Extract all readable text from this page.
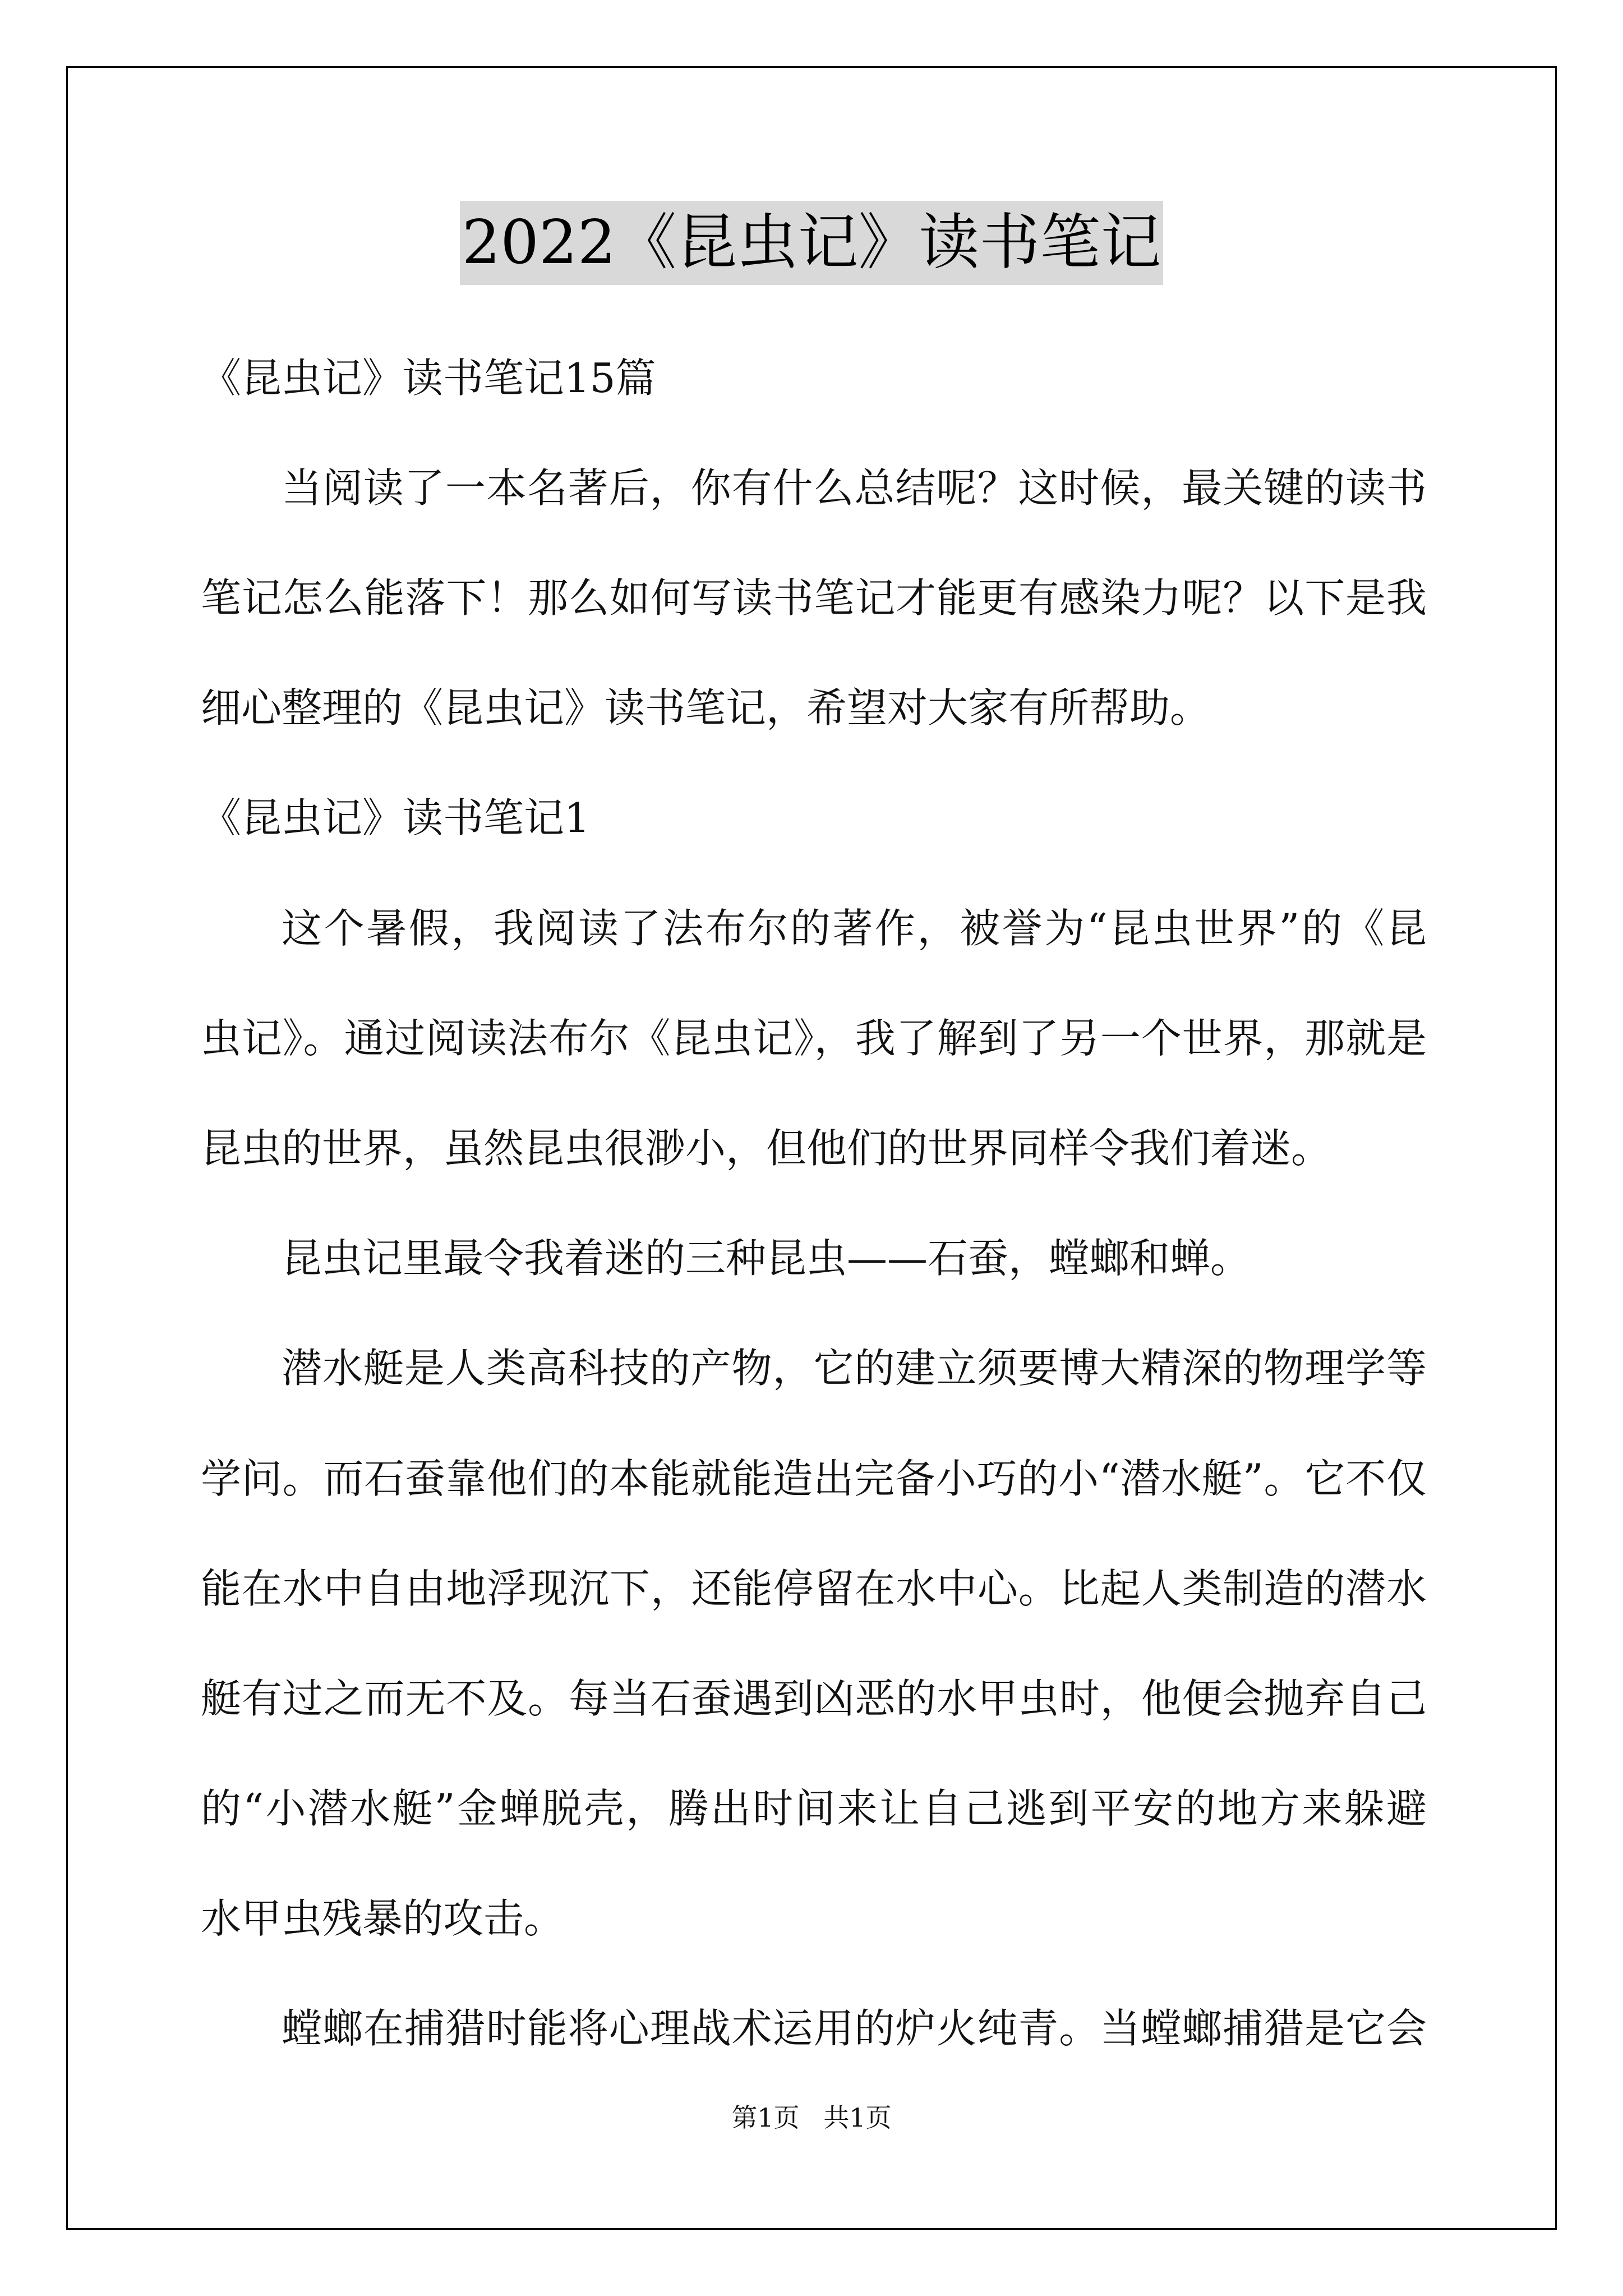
2022《昆虫记》读书笔记
《昆虫记》读书笔记15篇
当阅读了一本名著后，你有什么总结呢？这时候，最关键的读书
笔记怎么能落下！那么如何写读书笔记才能更有感染力呢？以下是我
细心整理的《昆虫记》读书笔记，希望对大家有所帮助。
《昆虫记》读书笔记1
这个暑假，我阅读了法布尔的著作，被誉为“昆虫世界”的《昆
虫记》。通过阅读法布尔《昆虫记》，我了解到了另一个世界，那就是
昆虫的世界，虽然昆虫很渺小，但他们的世界同样令我们着迷。
昆虫记里最令我着迷的三种昆虫——石蚕，螳螂和蝉。
潜水艇是人类高科技的产物，它的建立须要博大精深的物理学等
学问。而石蚕靠他们的本能就能造出完备小巧的小“潜水艇”。它不仅
能在水中自由地浮现沉下，还能停留在水中心。比起人类制造的潜水
艇有过之而无不及。每当石蚕遇到凶恶的水甲虫时，他便会抛弃自己
的“小潜水艇”金蝉脱壳，腾出时间来让自己逃到平安的地方来躲避
水甲虫残暴的攻击。
螳螂在捕猎时能将心理战术运用的炉火纯青。当螳螂捕猎是它会
第1页 共1页
